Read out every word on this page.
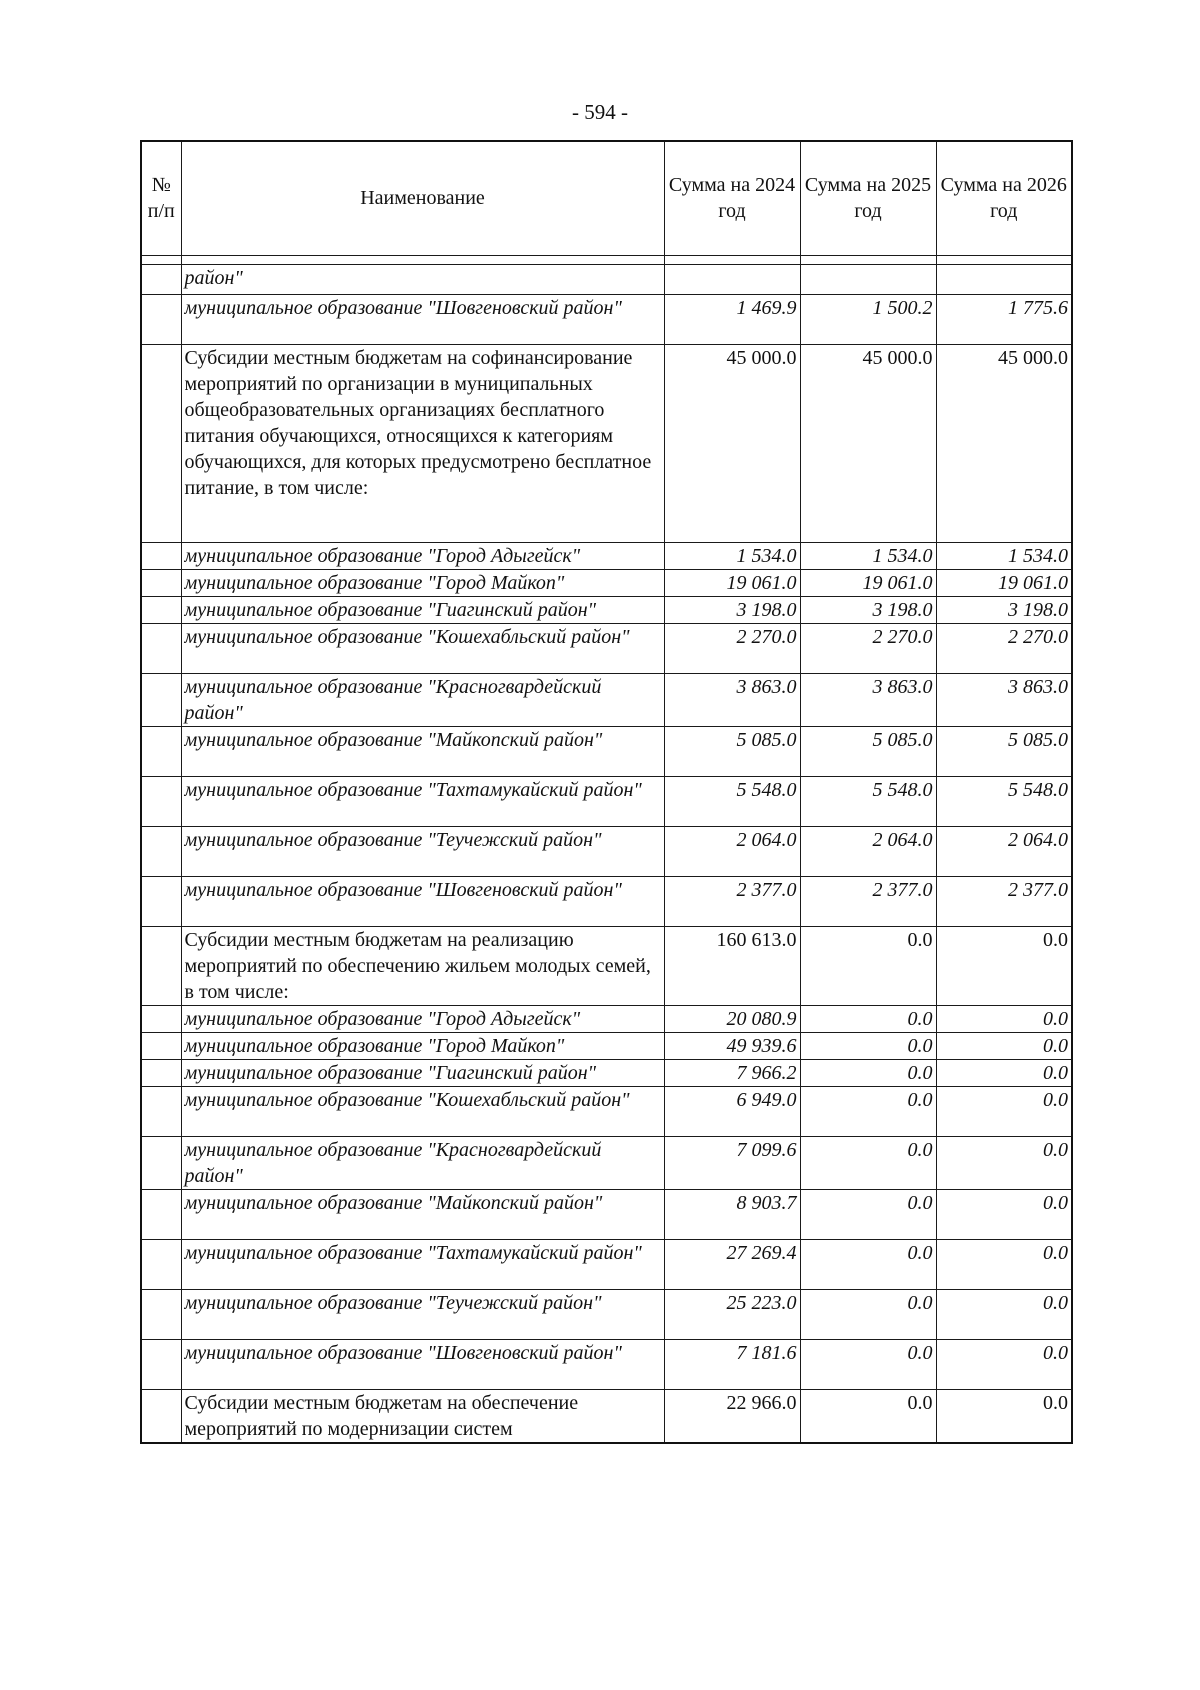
- 594 -
№ п/п	Наименование	Сумма на 2024 год	Сумма на 2025 год	Сумма на 2026 год

	район"			
	муниципальное образование "Шовгеновский район"	1 469.9	1 500.2	1 775.6
	Субсидии местным бюджетам на софинансирование мероприятий по организации в муниципальных общеобразовательных организациях бесплатного питания обучающихся, относящихся к категориям обучающихся, для которых предусмотрено бесплатное питание, в том числе:	45 000.0	45 000.0	45 000.0
	муниципальное образование "Город Адыгейск"	1 534.0	1 534.0	1 534.0
	муниципальное образование "Город Майкоп"	19 061.0	19 061.0	19 061.0
	муниципальное образование "Гиагинский район"	3 198.0	3 198.0	3 198.0
	муниципальное образование "Кошехабльский район"	2 270.0	2 270.0	2 270.0
	муниципальное образование "Красногвардейский район"	3 863.0	3 863.0	3 863.0
	муниципальное образование "Майкопский район"	5 085.0	5 085.0	5 085.0
	муниципальное образование "Тахтамукайский район"	5 548.0	5 548.0	5 548.0
	муниципальное образование "Теучежский район"	2 064.0	2 064.0	2 064.0
	муниципальное образование "Шовгеновский район"	2 377.0	2 377.0	2 377.0
	Субсидии местным бюджетам на реализацию мероприятий по обеспечению жильем молодых семей, в том числе:	160 613.0	0.0	0.0
	муниципальное образование "Город Адыгейск"	20 080.9	0.0	0.0
	муниципальное образование "Город Майкоп"	49 939.6	0.0	0.0
	муниципальное образование "Гиагинский район"	7 966.2	0.0	0.0
	муниципальное образование "Кошехабльский район"	6 949.0	0.0	0.0
	муниципальное образование "Красногвардейский район"	7 099.6	0.0	0.0
	муниципальное образование "Майкопский район"	8 903.7	0.0	0.0
	муниципальное образование "Тахтамукайский район"	27 269.4	0.0	0.0
	муниципальное образование "Теучежский район"	25 223.0	0.0	0.0
	муниципальное образование "Шовгеновский район"	7 181.6	0.0	0.0
	Субсидии местным бюджетам на обеспечение мероприятий по модернизации систем	22 966.0	0.0	0.0
